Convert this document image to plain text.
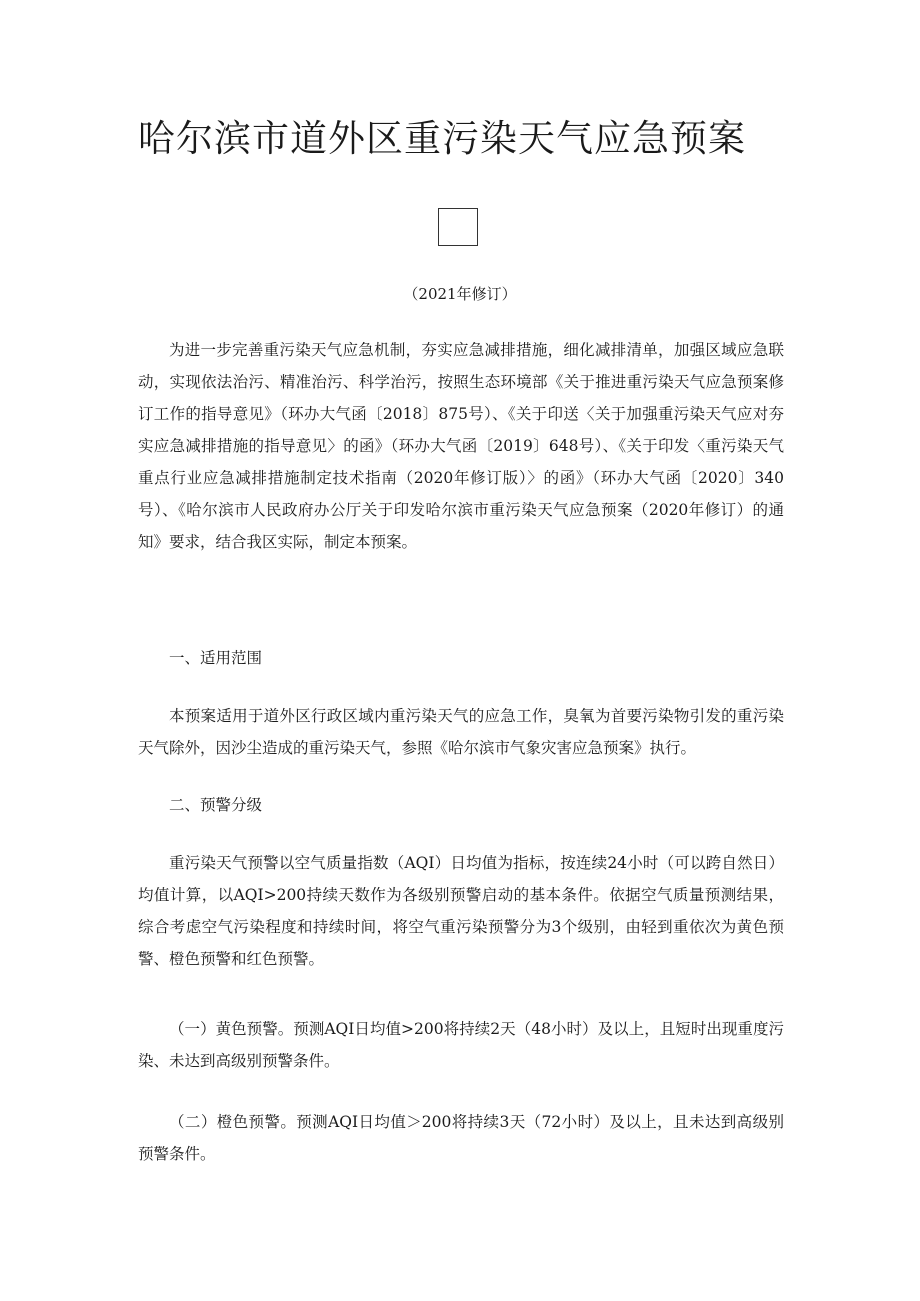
哈尔滨市道外区重污染天气应急预案
（2021年修订）

为进一步完善重污染天气应急机制，夯实应急减排措施，细化减排清单，加强区域应急联动，实现依法治污、精准治污、科学治污，按照生态环境部《关于推进重污染天气应急预案修订工作的指导意见》（环办大气函〔2018〕875号）、《关于印送〈关于加强重污染天气应对夯实应急减排措施的指导意见〉的函》（环办大气函〔2019〕648号）、《关于印发〈重污染天气重点行业应急减排措施制定技术指南（2020年修订版）〉的函》（环办大气函〔2020〕340号）、《哈尔滨市人民政府办公厅关于印发哈尔滨市重污染天气应急预案（2020年修订）的通知》要求，结合我区实际，制定本预案。

一、适用范围

本预案适用于道外区行政区域内重污染天气的应急工作，臭氧为首要污染物引发的重污染天气除外，因沙尘造成的重污染天气，参照《哈尔滨市气象灾害应急预案》执行。

二、预警分级

重污染天气预警以空气质量指数（AQI）日均值为指标，按连续24小时（可以跨自然日）均值计算，以AQI>200持续天数作为各级别预警启动的基本条件。依据空气质量预测结果，综合考虑空气污染程度和持续时间，将空气重污染预警分为3个级别，由轻到重依次为黄色预警、橙色预警和红色预警。

（一）黄色预警。预测AQI日均值>200将持续2天（48小时）及以上，且短时出现重度污染、未达到高级别预警条件。

（二）橙色预警。预测AQI日均值＞200将持续3天（72小时）及以上，且未达到高级别预警条件。
